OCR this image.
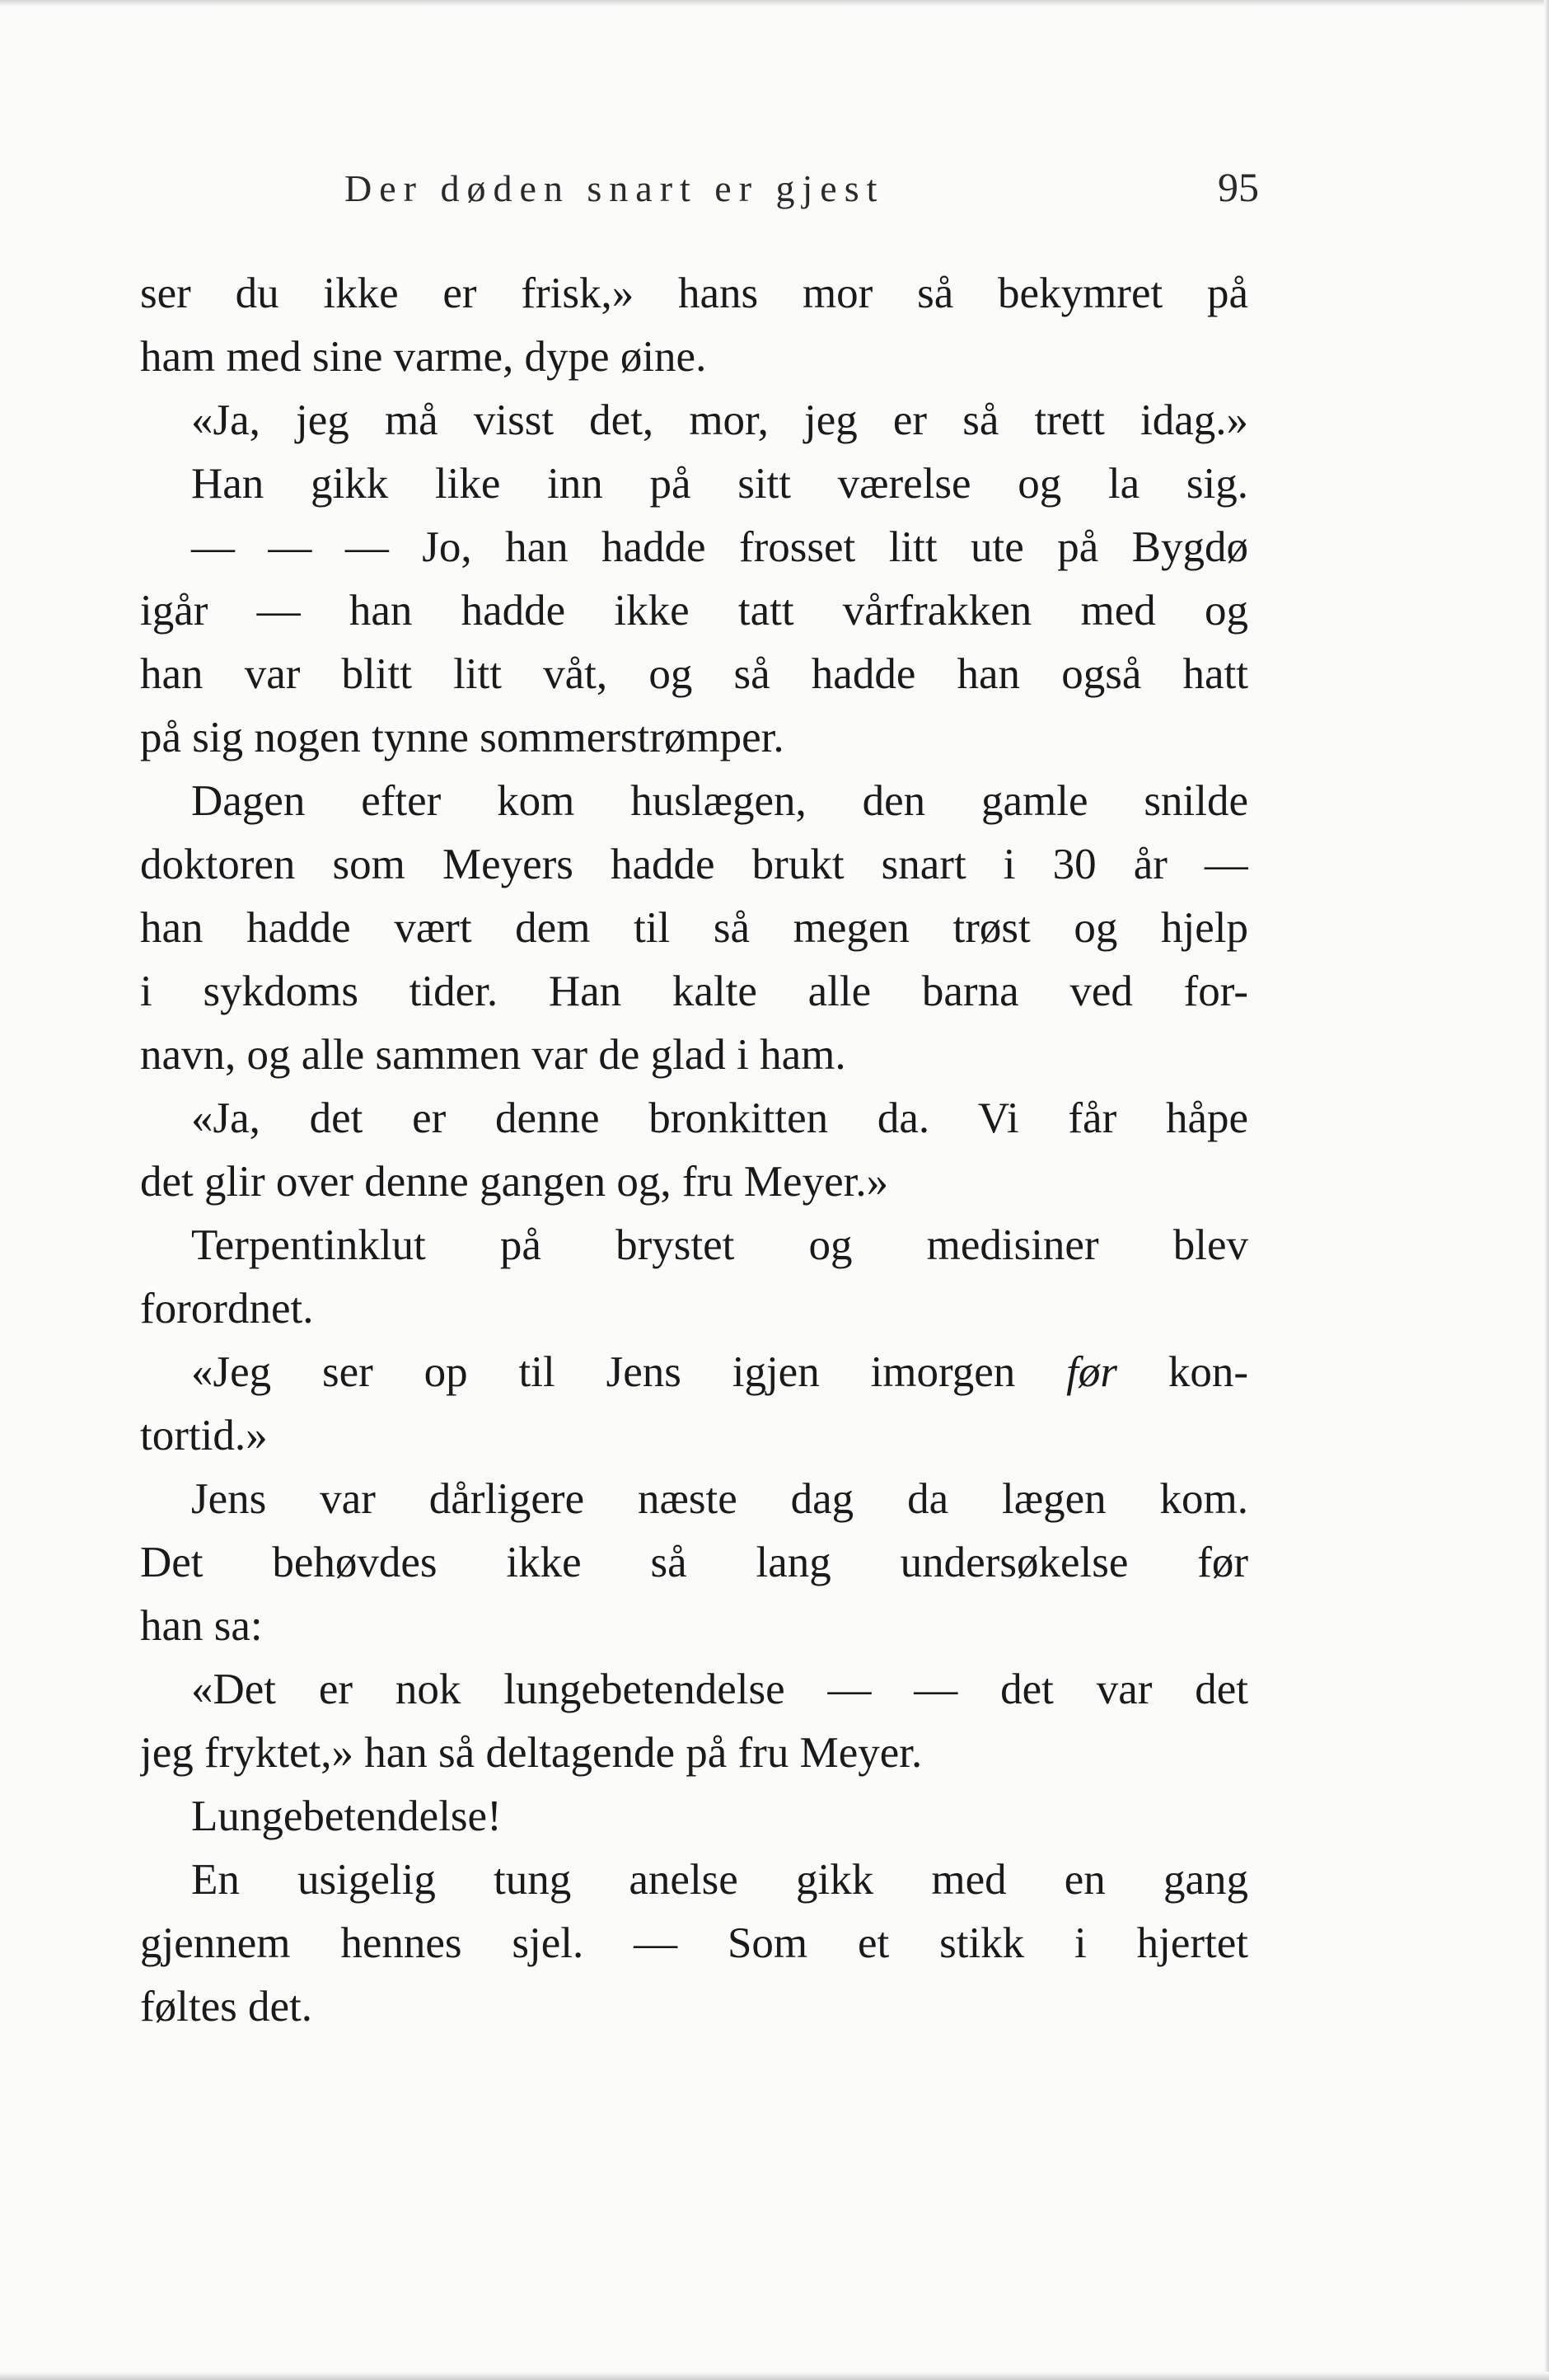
Der døden snart er gjest	95
ser du ikke er frisk,» hans mor så bekymret på
ham med sine varme, dype øine.
«Ja, jeg må visst det, mor, jeg er så trett idag.»
Han gikk like inn på sitt værelse og la sig.
— — — Jo, han hadde frosset litt ute på Bygdø
igår — han hadde ikke tatt vårfrakken med og
han var blitt litt våt, og så hadde han også hatt
på sig nogen tynne sommerstrømper.
Dagen efter kom huslægen, den gamle snilde
doktoren som Meyers hadde brukt snart i 30 år —
han hadde vært dem til så megen trøst og hjelp
i sykdoms tider. Han kalte alle barna ved for-
navn, og alle sammen var de glad i ham.
«Ja, det er denne bronkitten da. Vi får håpe
det glir over denne gangen og, fru Meyer.»
Terpentinklut på brystet og medisiner blev
forordnet.
«Jeg ser op til Jens igjen imorgen før kon-
tortid.»
Jens var dårligere næste dag da lægen kom.
Det behøvdes ikke så lang undersøkelse før
han sa:
«Det er nok lungebetendelse — — det var det
jeg fryktet,» han så deltagende på fru Meyer.
Lungebetendelse!
En usigelig tung anelse gikk med en gang
gjennem hennes sjel. — Som et stikk i hjertet
føltes det.
